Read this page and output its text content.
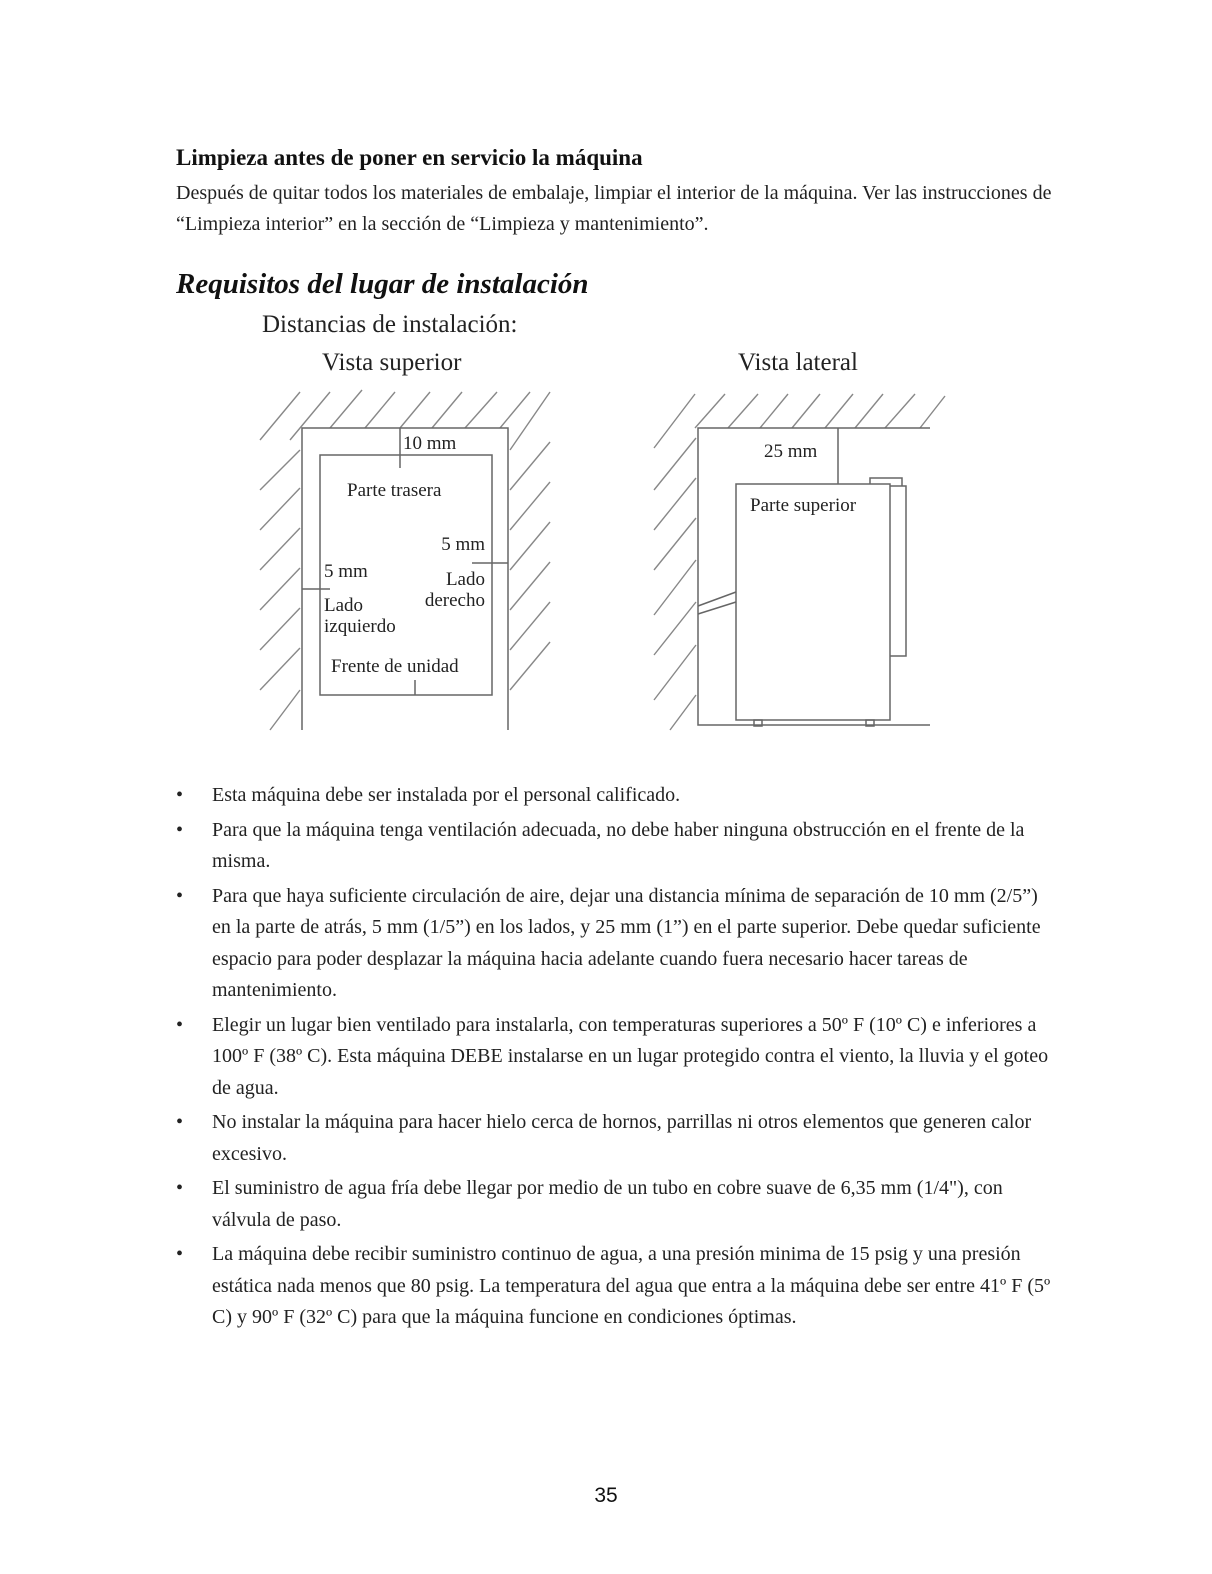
Limpieza antes de poner en servicio la máquina
Después de quitar todos los materiales de embalaje, limpiar el interior de la máquina. Ver las instrucciones de “Limpieza interior” en la sección de “Limpieza y mantenimiento”.
Requisitos del lugar de instalación
Distancias de instalación:
Vista superior	Vista lateral
10 mm
Parte trasera
5 mm
Lado
derecho
5 mm
Lado
izquierdo
Frente de unidad
25 mm
Parte superior
• Esta máquina debe ser instalada por el personal calificado.
• Para que la máquina tenga ventilación adecuada, no debe haber ninguna obstrucción en el frente de la misma.
• Para que haya suficiente circulación de aire, dejar una distancia mínima de separación de 10 mm (2/5”) en la parte de atrás, 5 mm (1/5”) en los lados, y 25 mm (1”) en el parte superior. Debe quedar suficiente espacio para poder desplazar la máquina hacia adelante cuando fuera necesario hacer tareas de mantenimiento.
• Elegir un lugar bien ventilado para instalarla, con temperaturas superiores a 50º F (10º C) e inferiores a 100º F (38º C). Esta máquina DEBE instalarse en un lugar protegido contra el viento, la lluvia y el goteo de agua.
• No instalar la máquina para hacer hielo cerca de hornos, parrillas ni otros elementos que generen calor excesivo.
• El suministro de agua fría debe llegar por medio de un tubo en cobre suave de 6,35 mm (1/4"), con válvula de paso.
• La máquina debe recibir suministro continuo de agua, a una presión minima de 15 psig y una presión estática nada menos que 80 psig. La temperatura del agua que entra a la máquina debe ser entre 41º F (5º C) y 90º F (32º C) para que la máquina funcione en condiciones óptimas.
35
